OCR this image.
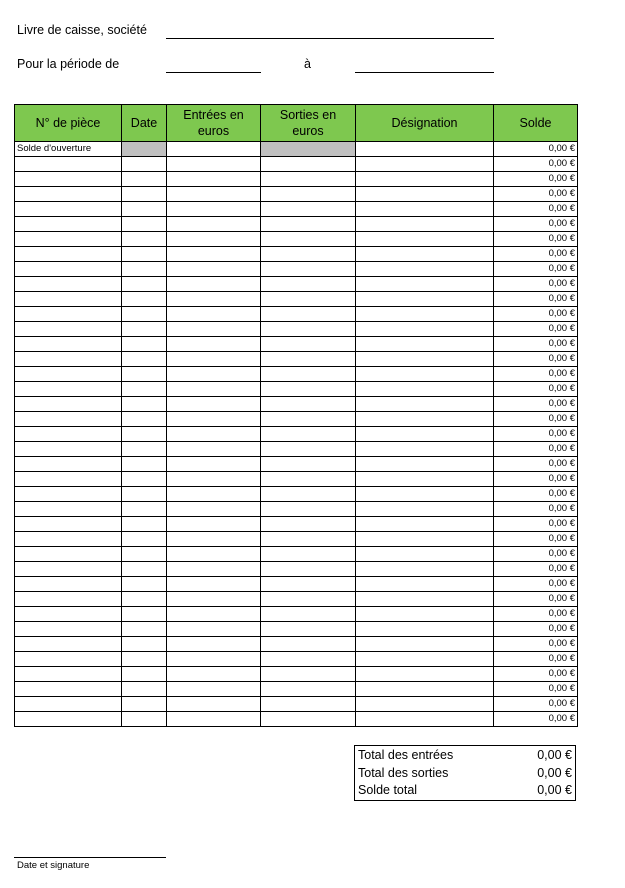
Livre de caisse, société
Pour la période de	à
N° de pièce	Date	Entrées en euros	Sorties en euros	Désignation	Solde
Solde d'ouverture					0,00 €
					0,00 €
					0,00 €
					0,00 €
					0,00 €
					0,00 €
					0,00 €
					0,00 €
					0,00 €
					0,00 €
					0,00 €
					0,00 €
					0,00 €
					0,00 €
					0,00 €
					0,00 €
					0,00 €
					0,00 €
					0,00 €
					0,00 €
					0,00 €
					0,00 €
					0,00 €
					0,00 €
					0,00 €
					0,00 €
					0,00 €
					0,00 €
					0,00 €
					0,00 €
					0,00 €
					0,00 €
					0,00 €
					0,00 €
					0,00 €
					0,00 €
					0,00 €
					0,00 €
					0,00 €
Total des entrées	0,00 €
Total des sorties	0,00 €
Solde total	0,00 €
Date et signature
